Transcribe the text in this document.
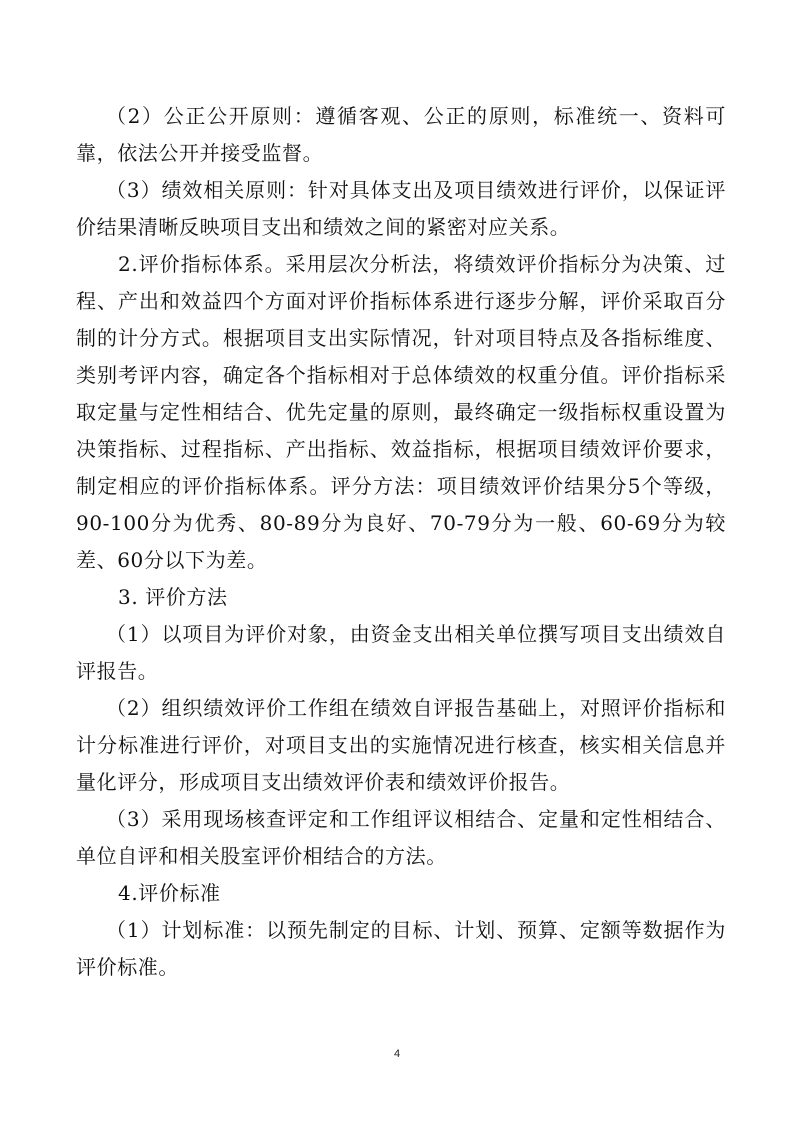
（2）公正公开原则：遵循客观、公正的原则，标准统一、资料可靠，依法公开并接受监督。

（3）绩效相关原则：针对具体支出及项目绩效进行评价，以保证评价结果清晰反映项目支出和绩效之间的紧密对应关系。

2.评价指标体系。采用层次分析法，将绩效评价指标分为决策、过程、产出和效益四个方面对评价指标体系进行逐步分解，评价采取百分制的计分方式。根据项目支出实际情况，针对项目特点及各指标维度、类别考评内容，确定各个指标相对于总体绩效的权重分值。评价指标采取定量与定性相结合、优先定量的原则，最终确定一级指标权重设置为决策指标、过程指标、产出指标、效益指标，根据项目绩效评价要求，制定相应的评价指标体系。评分方法：项目绩效评价结果分5个等级，90-100分为优秀、80-89分为良好、70-79分为一般、60-69分为较差、60分以下为差。

3. 评价方法

（1）以项目为评价对象，由资金支出相关单位撰写项目支出绩效自评报告。

（2）组织绩效评价工作组在绩效自评报告基础上，对照评价指标和计分标准进行评价，对项目支出的实施情况进行核查，核实相关信息并量化评分，形成项目支出绩效评价表和绩效评价报告。

（3）采用现场核查评定和工作组评议相结合、定量和定性相结合、单位自评和相关股室评价相结合的方法。

4.评价标准

（1）计划标准：以预先制定的目标、计划、预算、定额等数据作为评价标准。

4
